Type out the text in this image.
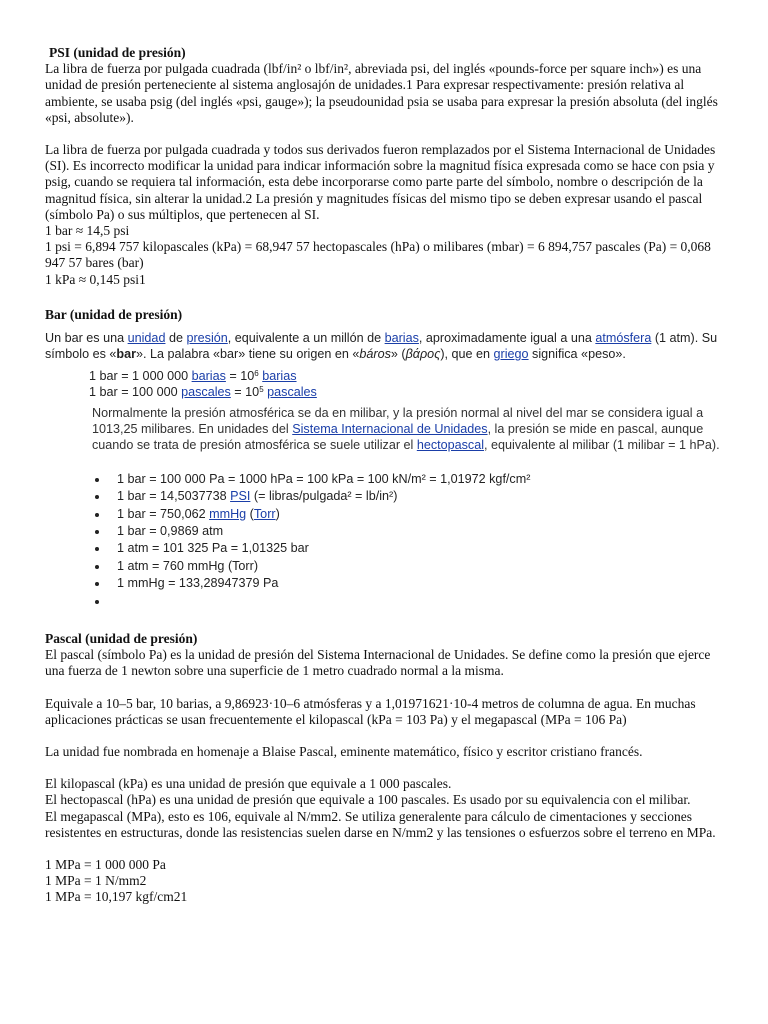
PSI (unidad de presión)

La libra de fuerza por pulgada cuadrada (lbf/in² o lbf/in², abreviada psi, del inglés «pounds-force per square inch») es una unidad de presión perteneciente al sistema anglosajón de unidades.1 Para expresar respectivamente: presión relativa al ambiente, se usaba psig (del inglés «psi, gauge»); la pseudounidad psia se usaba para expresar la presión absoluta (del inglés «psi, absolute»).

La libra de fuerza por pulgada cuadrada y todos sus derivados fueron remplazados por el Sistema Internacional de Unidades (SI). Es incorrecto modificar la unidad para indicar información sobre la magnitud física expresada como se hace con psia y psig, cuando se requiera tal información, esta debe incorporarse como parte parte del símbolo, nombre o descripción de la magnitud física, sin alterar la unidad.2 La presión y magnitudes físicas del mismo tipo se deben expresar usando el pascal (símbolo Pa) o sus múltiplos, que pertenecen al SI.

1 bar ≈ 14,5 psi

1 psi = 6,894 757 kilopascales (kPa) = 68,947 57 hectopascales (hPa) o milibares (mbar) = 6 894,757 pascales (Pa) = 0,068 947 57 bares (bar)

1 kPa ≈ 0,145 psi1

Bar (unidad de presión)

Un bar es una unidad de presión, equivalente a un millón de barias, aproximadamente igual a una atmósfera (1 atm). Su símbolo es «bar». La palabra «bar» tiene su origen en «báros» (βάρος), que en griego significa «peso».

1 bar = 1 000 000 barias = $10^6$ barias

1 bar = 100 000 pascales = $10^5$ pascales

Normalmente la presión atmosférica se da en milibar, y la presión normal al nivel del mar se considera igual a 1013,25 milibares. En unidades del Sistema Internacional de Unidades, la presión se mide en pascal, aunque cuando se trata de presión atmosférica se suele utilizar el hectopascal, equivalente al milibar (1 milibar = 1 hPa).

1 bar = 100 000 Pa = 1000 hPa = 100 kPa = 100 kN/m² = 1,01972 kgf/cm²
1 bar = 14,5037738 PSI (= libras/pulgada² = lb/in²)
1 bar = 750,062 mmHg (Torr)
1 bar = 0,9869 atm
1 atm = 101 325 Pa = 1,01325 bar
1 atm = 760 mmHg (Torr)
1 mmHg = 133,28947379 Pa

Pascal (unidad de presión)

El pascal (símbolo Pa) es la unidad de presión del Sistema Internacional de Unidades. Se define como la presión que ejerce una fuerza de 1 newton sobre una superficie de 1 metro cuadrado normal a la misma.

Equivale a 10–5 bar, 10 barias, a 9,86923·10–6 atmósferas y a 1,01971621·10-4 metros de columna de agua. En muchas aplicaciones prácticas se usan frecuentemente el kilopascal (kPa = 103 Pa) y el megapascal (MPa = 106 Pa)

La unidad fue nombrada en homenaje a Blaise Pascal, eminente matemático, físico y escritor cristiano francés.

El kilopascal (kPa) es una unidad de presión que equivale a 1 000 pascales.

El hectopascal (hPa) es una unidad de presión que equivale a 100 pascales. Es usado por su equivalencia con el milibar.

El megapascal (MPa), esto es 106, equivale al N/mm2. Se utiliza generalente para cálculo de cimentaciones y secciones resistentes en estructuras, donde las resistencias suelen darse en N/mm2 y las tensiones o esfuerzos sobre el terreno en MPa.

1 MPa = 1 000 000 Pa

1 MPa = 1 N/mm2

1 MPa = 10,197 kgf/cm21
